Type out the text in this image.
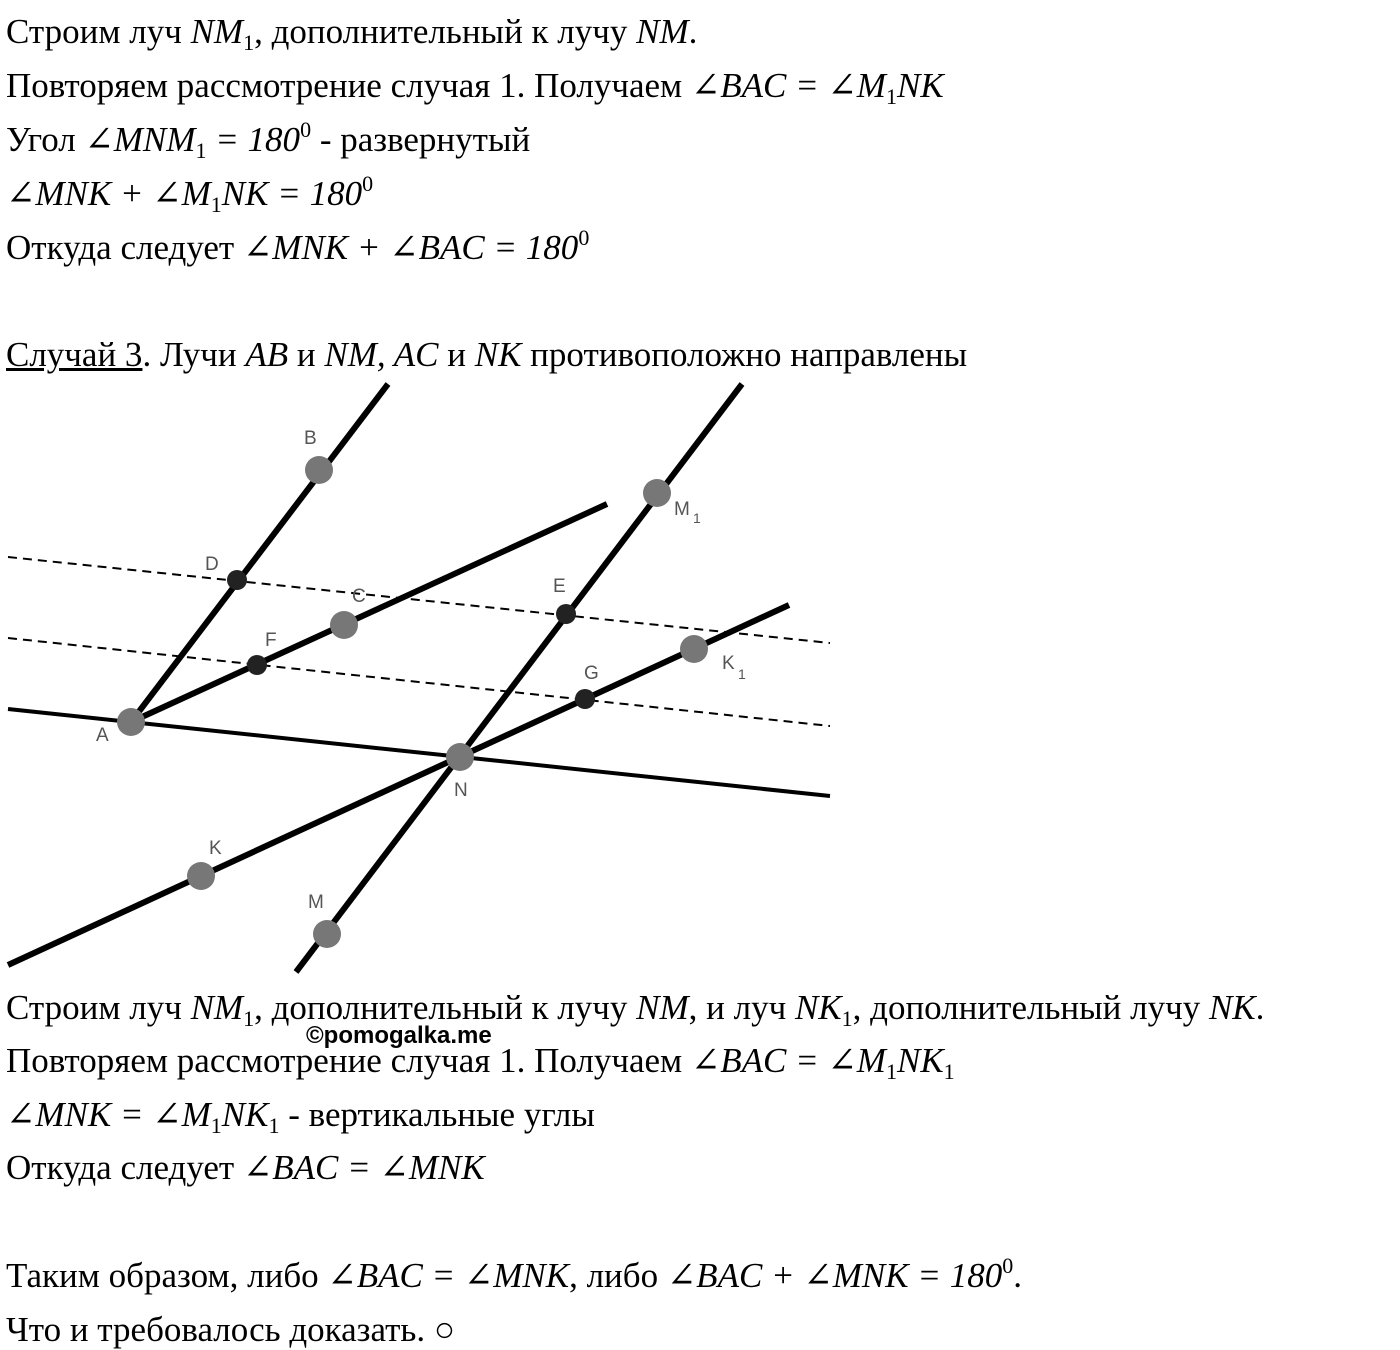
Строим луч $NM_1$, дополнительный к лучу NM.
Повторяем рассмотрение случая 1. Получаем ∠BAC = $\angle M_1NK$
Угол $\angle MNM_1 = 180^0$ - развернутый
∠MNK + $\angle M_1NK = 180^0$
Откуда следует ∠MNK + ∠BAC = $180^0$
Случай 3. Лучи AB и NM, AC и NK противоположно направлены
B
D
C
F
A
E
M 1
G	K 1
N
K
M
Строим луч $NM_1$, дополнительный к лучу NM, и луч $NK_1$, дополнительный лучу NK.
©pomogalka.me
Повторяем рассмотрение случая 1. Получаем ∠BAC = $\angle M_1NK_1$
∠MNK = $\angle M_1NK_1$ - вертикальные углы
Откуда следует ∠BAC = ∠MNK
Таким образом, либо ∠BAC = ∠MNK, либо ∠BAC + ∠MNK = $180^0$.
Что и требовалось доказать. ○
